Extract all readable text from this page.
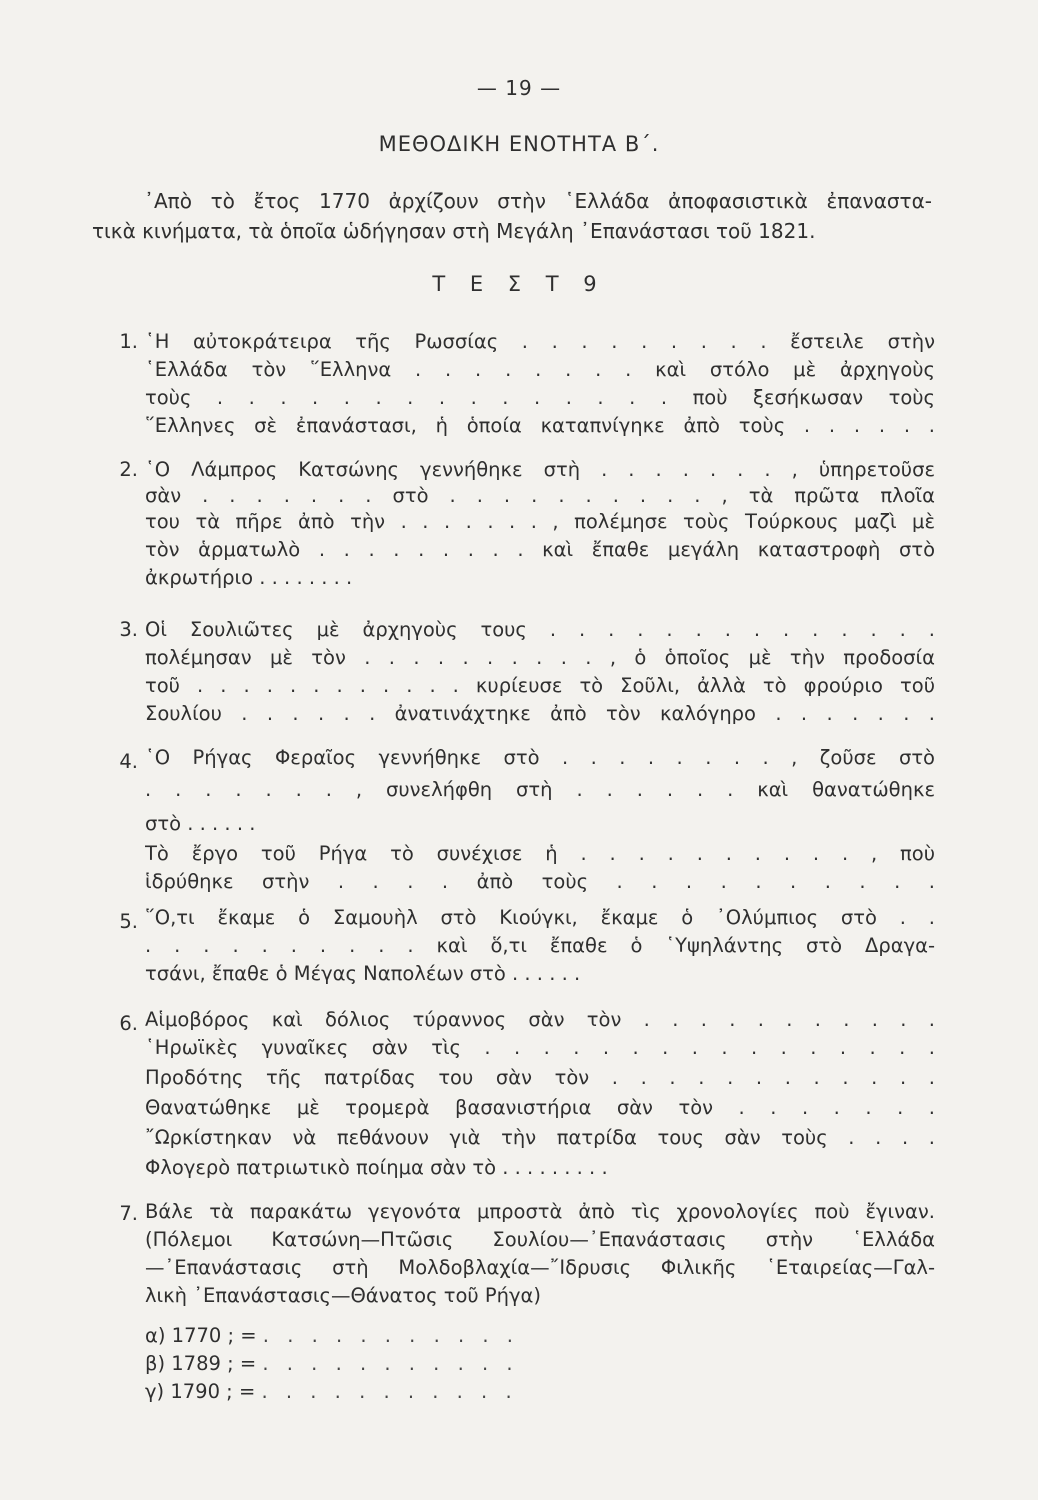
— 19 —
ΜΕΘΟΔΙΚΗ ΕΝΟΤΗΤΑ Β΄.
᾿Απὸ τὸ ἔτος 1770 ἀρχίζουν στὴν ῾Ελλάδα ἀποφασιστικὰ ἐπαναστα-
τικὰ κινήματα, τὰ ὁποῖα ὡδήγησαν στὴ Μεγάλη ᾿Επανάστασι τοῦ 1821.
Τ Ε Σ Τ 9
1. ῾Η αὐτοκράτειρα τῆς Ρωσσίας . . . . . . . . . ἔστειλε στὴν
῾Ελλάδα τὸν ῞Ελληνα . . . . . . . . καὶ στόλο μὲ ἀρχηγοὺς
τοὺς . . . . . . . . . . . . . . . ποὺ ξεσήκωσαν τοὺς
῞Ελληνες σὲ ἐπανάστασι, ἡ ὁποία καταπνίγηκε ἀπὸ τοὺς . . . . . .
2. ῾Ο Λάμπρος Κατσώνης γεννήθηκε στὴ . . . . . . . , ὑπηρετοῦσε
σὰν . . . . . . . στὸ . . . . . . . . . . , τὰ πρῶτα πλοῖα
του τὰ πῆρε ἀπὸ τὴν . . . . . . . , πολέμησε τοὺς Τούρκους μαζὶ μὲ
τὸν ἁρματωλὸ . . . . . . . . . καὶ ἔπαθε μεγάλη καταστροφὴ στὸ
ἀκρωτήριο . . . . . . . .
3. Οἱ Σουλιῶτες μὲ ἀρχηγοὺς τους . . . . . . . . . . . . . .
πολέμησαν μὲ τὸν . . . . . . . . . . , ὁ ὁποῖος μὲ τὴν προδοσία
τοῦ . . . . . . . . . . . . κυρίευσε τὸ Σοῦλι, ἀλλὰ τὸ φρούριο τοῦ
Σουλίου . . . . . . ἀνατινάχτηκε ἀπὸ τὸν καλόγηρο . . . . . . .
4. ῾Ο Ρήγας Φεραῖος γεννήθηκε στὸ . . . . . . . . , ζοῦσε στὸ
. . . . . . . , συνελήφθη στὴ . . . . . . καὶ θανατώθηκε
στὸ . . . . . .
Τὸ ἔργο τοῦ Ρήγα τὸ συνέχισε ἡ . . . . . . . . . . , ποὺ
ἱδρύθηκε στὴν . . . . ἀπὸ τοὺς . . . . . . . . . .
5. ῞Ο,τι ἔκαμε ὁ Σαμουὴλ στὸ Κιούγκι, ἔκαμε ὁ ᾿Ολύμπιος στὸ . .
. . . . . . . . . . καὶ ὅ,τι ἔπαθε ὁ ῾Υψηλάντης στὸ Δραγα-
τσάνι, ἔπαθε ὁ Μέγας Ναπολέων στὸ . . . . . .
6. Αἱμοβόρος καὶ δόλιος τύραννος σὰν τὸν . . . . . . . . . . .
῾Ηρωϊκὲς γυναῖκες σὰν τὶς . . . . . . . . . . . . . . . .
Προδότης τῆς πατρίδας του σὰν τὸν . . . . . . . . . . . .
Θανατώθηκε μὲ τρομερὰ βασανιστήρια σὰν τὸν . . . . . . .
῎Ωρκίστηκαν νὰ πεθάνουν γιὰ τὴν πατρίδα τους σὰν τοὺς . . . .
Φλογερὸ πατριωτικὸ ποίημα σὰν τὸ . . . . . . . . .
7. Βάλε τὰ παρακάτω γεγονότα μπροστὰ ἀπὸ τὶς χρονολογίες ποὺ ἔγιναν.
(Πόλεμοι Κατσώνη—Πτῶσις Σουλίου—᾿Επανάστασις στὴν ῾Ελλάδα
—᾿Επανάστασις στὴ Μολδοβλαχία—῎Ιδρυσις Φιλικῆς ῾Εταιρείας—Γαλ-
λικὴ ᾿Επανάστασις—Θάνατος τοῦ Ρήγα)
α) 1770 ; = . . . . . . . . . . .
β) 1789 ; = . . . . . . . . . . .
γ) 1790 ; = . . . . . . . . . . .
